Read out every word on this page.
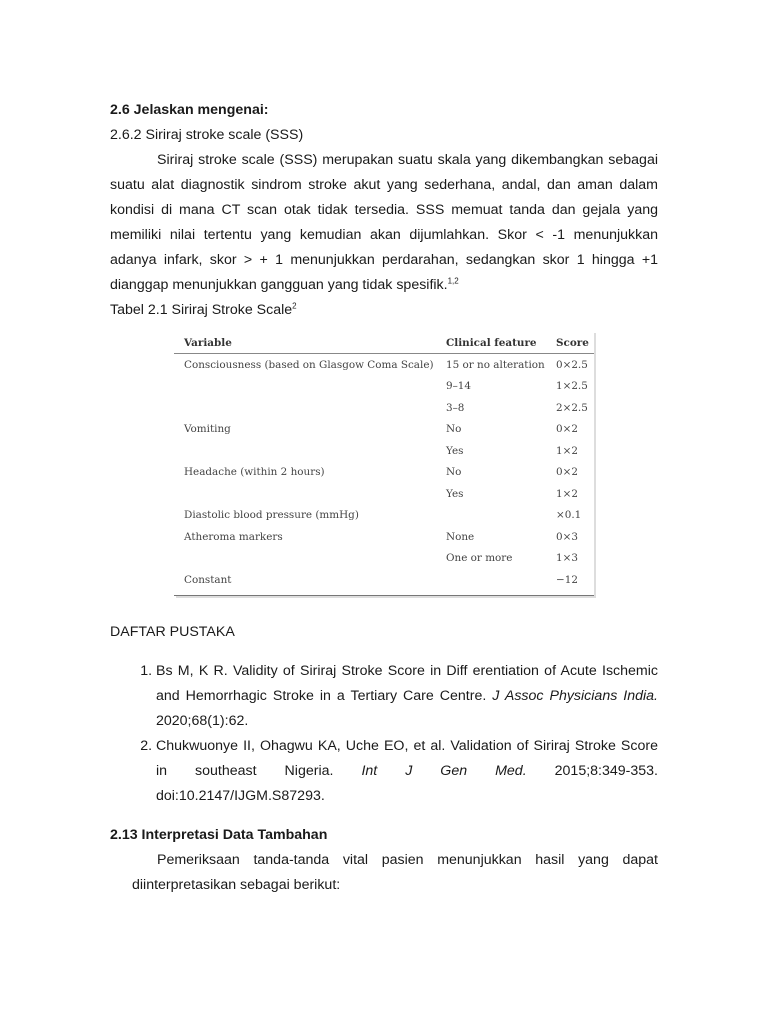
2.6 Jelaskan mengenai:

2.6.2 Siriraj stroke scale (SSS)

Siriraj stroke scale (SSS) merupakan suatu skala yang dikembangkan sebagai suatu alat diagnostik sindrom stroke akut yang sederhana, andal, dan aman dalam kondisi di mana CT scan otak tidak tersedia. SSS memuat tanda dan gejala yang memiliki nilai tertentu yang kemudian akan dijumlahkan. Skor < -1 menunjukkan adanya infark, skor > + 1 menunjukkan perdarahan, sedangkan skor 1 hingga +1 dianggap menunjukkan gangguan yang tidak spesifik.$^{1,2}$

Tabel 2.1 Siriraj Stroke Scale$^2$

Variable	Clinical feature	Score
Consciousness (based on Glasgow Coma Scale)	15 or no alteration	0×2.5
	9–14	1×2.5
	3–8	2×2.5
Vomiting	No	0×2
	Yes	1×2
Headache (within 2 hours)	No	0×2
	Yes	1×2
Diastolic blood pressure (mmHg)		×0.1
Atheroma markers	None	0×3
	One or more	1×3
Constant		−12

DAFTAR PUSTAKA

1. Bs M, K R. Validity of Siriraj Stroke Score in Diff erentiation of Acute Ischemic and Hemorrhagic Stroke in a Tertiary Care Centre. J Assoc Physicians India. 2020;68(1):62.
2. Chukwuonye II, Ohagwu KA, Uche EO, et al. Validation of Siriraj Stroke Score in southeast Nigeria. Int J Gen Med. 2015;8:349-353. doi:10.2147/IJGM.S87293.

2.13 Interpretasi Data Tambahan

Pemeriksaan tanda-tanda vital pasien menunjukkan hasil yang dapat diinterpretasikan sebagai berikut:
